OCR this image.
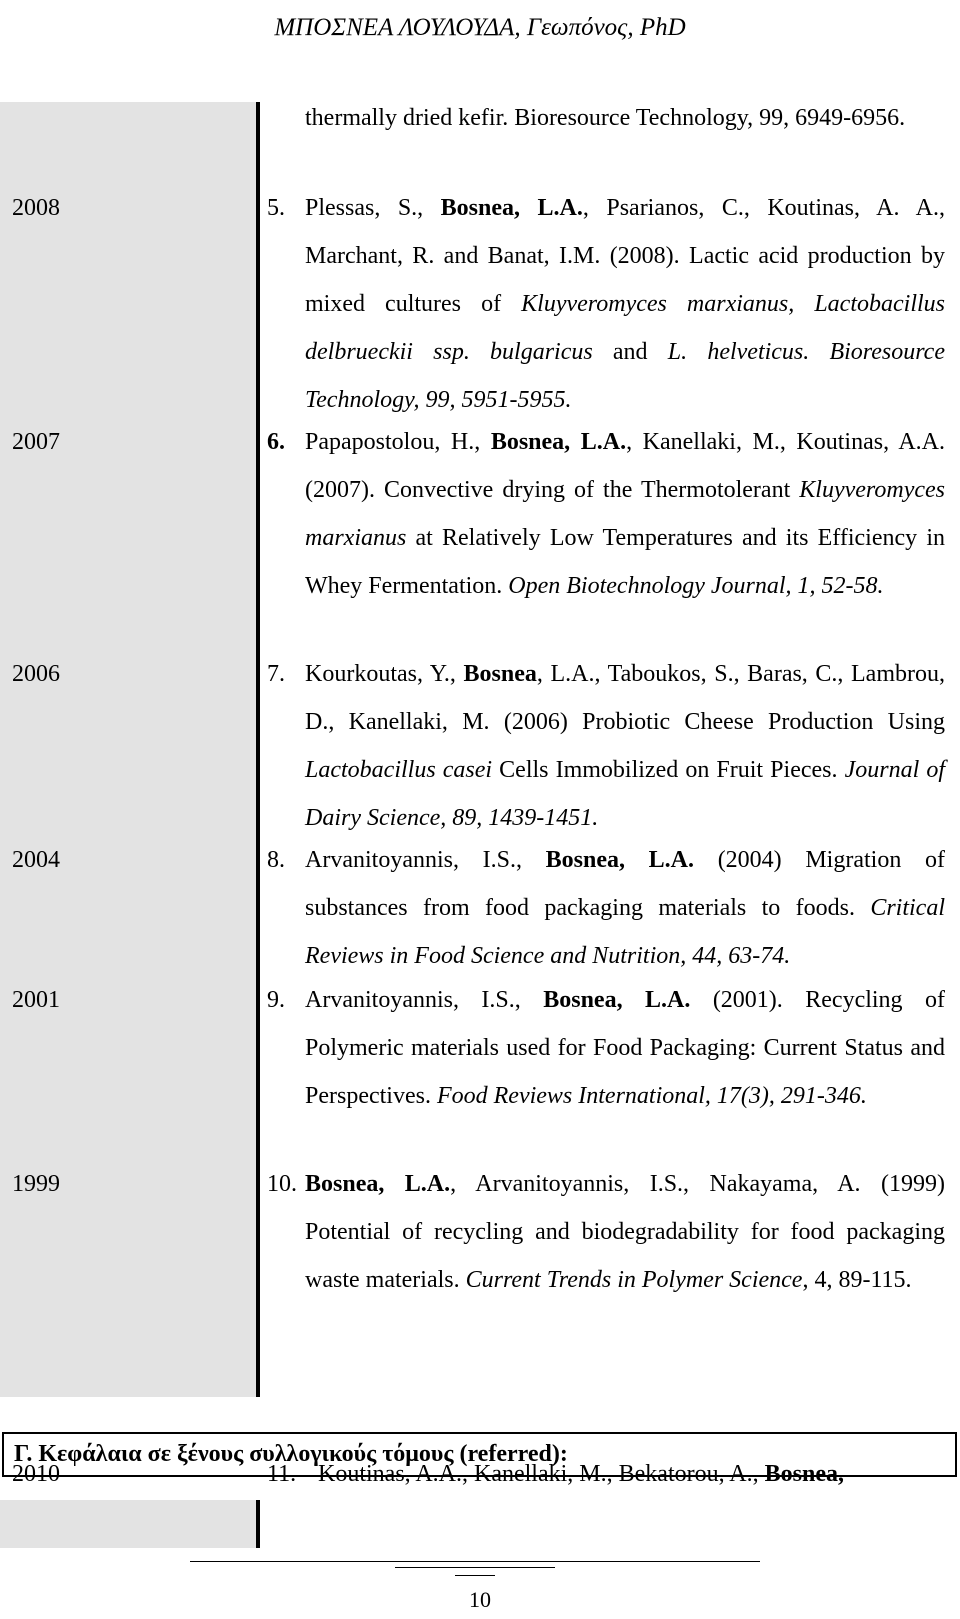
ΜΠΟΣΝΕΑ ΛΟΥΛΟΥΔΑ, Γεωπόνος, PhD
thermally dried kefir. Bioresource Technology, 99, 6949-6956.
2008	5. Plessas, S., Bosnea, L.A., Psarianos, C., Koutinas, A. A., Marchant, R. and Banat, I.M. (2008). Lactic acid production by mixed cultures of Kluyveromyces marxianus, Lactobacillus delbrueckii ssp. bulgaricus and L. helveticus. Bioresource Technology, 99, 5951-5955.
2007	6. Papapostolou, H., Bosnea, L.A., Kanellaki, M., Koutinas, A.A. (2007). Convective drying of the Thermotolerant Kluyveromyces marxianus at Relatively Low Temperatures and its Efficiency in Whey Fermentation. Open Biotechnology Journal, 1, 52-58.
2006	7. Kourkoutas, Y., Bosnea, L.A., Taboukos, S., Baras, C., Lambrou, D., Kanellaki, M. (2006) Probiotic Cheese Production Using Lactobacillus casei Cells Immobilized on Fruit Pieces. Journal of Dairy Science, 89, 1439-1451.
2004	8. Arvanitoyannis, I.S., Bosnea, L.A. (2004) Migration of substances from food packaging materials to foods. Critical Reviews in Food Science and Nutrition, 44, 63-74.
2001	9. Arvanitoyannis, I.S., Bosnea, L.A. (2001). Recycling of Polymeric materials used for Food Packaging: Current Status and Perspectives. Food Reviews International, 17(3), 291-346.
1999	10. Bosnea, L.A., Arvanitoyannis, I.S., Nakayama, A. (1999) Potential of recycling and biodegradability for food packaging waste materials. Current Trends in Polymer Science, 4, 89-115.
Γ. Κεφάλαια σε ξένους συλλογικούς τόμους (referred):
2010	11. Koutinas, A.A., Kanellaki, M., Bekatorou, A., Bosnea,
10
